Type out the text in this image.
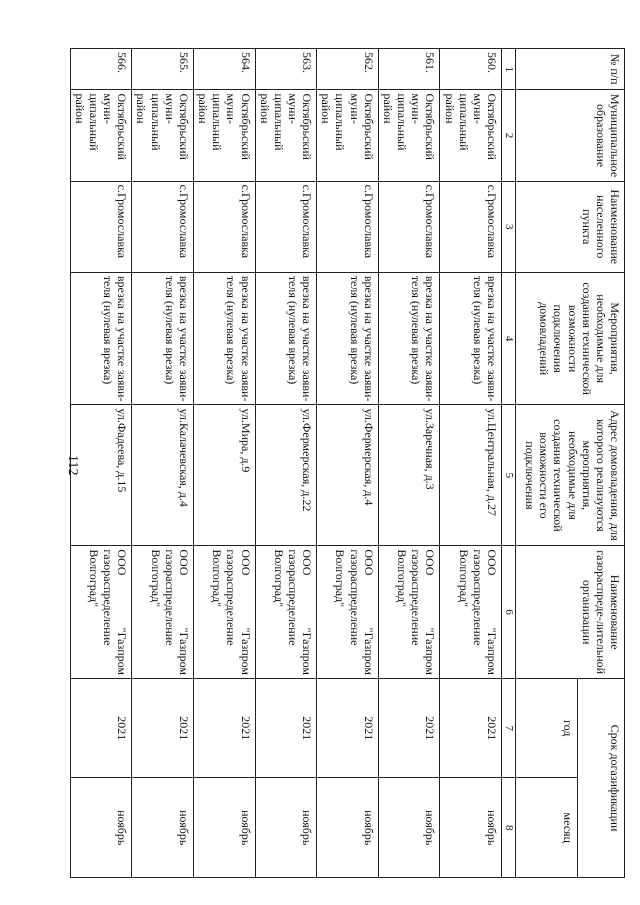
112
№ п/п	Муниципальное образование	Наименование населенного пункта	Мероприятия, необходимые для создания технической возможности подключения домовладений	Адрес домовладения, для которого реализуются мероприятия, необходимые для создания технической возможности его подключения	Наименование газораспреде-лительной организации	Срок догазификации	
						год	месяц
1	2	3	4	5	6	7	8
560.	Октябрьский муни-ципальный район	с.Громославка	врезка на участке заяви-теля (нулевая врезка)	ул.Центральная, д.27	ООО "Газпром газораспределение Волгоград"	2021	ноябрь
561.	Октябрьский муни-ципальный район	с.Громославка	врезка на участке заяви-теля (нулевая врезка)	ул.Заречная, д.3	ООО "Газпром газораспределение Волгоград"	2021	ноябрь
562.	Октябрьский муни-ципальный район	с.Громославка	врезка на участке заяви-теля (нулевая врезка)	ул.Фермерская, д.4	ООО "Газпром газораспределение Волгоград"	2021	ноябрь
563.	Октябрьский муни-ципальный район	с.Громославка	врезка на участке заяви-теля (нулевая врезка)	ул.Фермерская, д.22	ООО "Газпром газораспределение Волгоград"	2021	ноябрь
564.	Октябрьский муни-ципальный район	с.Громославка	врезка на участке заяви-теля (нулевая врезка)	ул.Мира, д.9	ООО "Газпром газораспределение Волгоград"	2021	ноябрь
565.	Октябрьский муни-ципальный район	с.Громославка	врезка на участке заяви-теля (нулевая врезка)	ул.Калачевская, д.4	ООО "Газпром газораспределение Волгоград"	2021	ноябрь
566.	Октябрьский муни-ципальный район	с.Громославка	врезка на участке заяви-теля (нулевая врезка)	ул.Фадеева, д.15	ООО "Газпром газораспределение Волгоград"	2021	ноябрь
